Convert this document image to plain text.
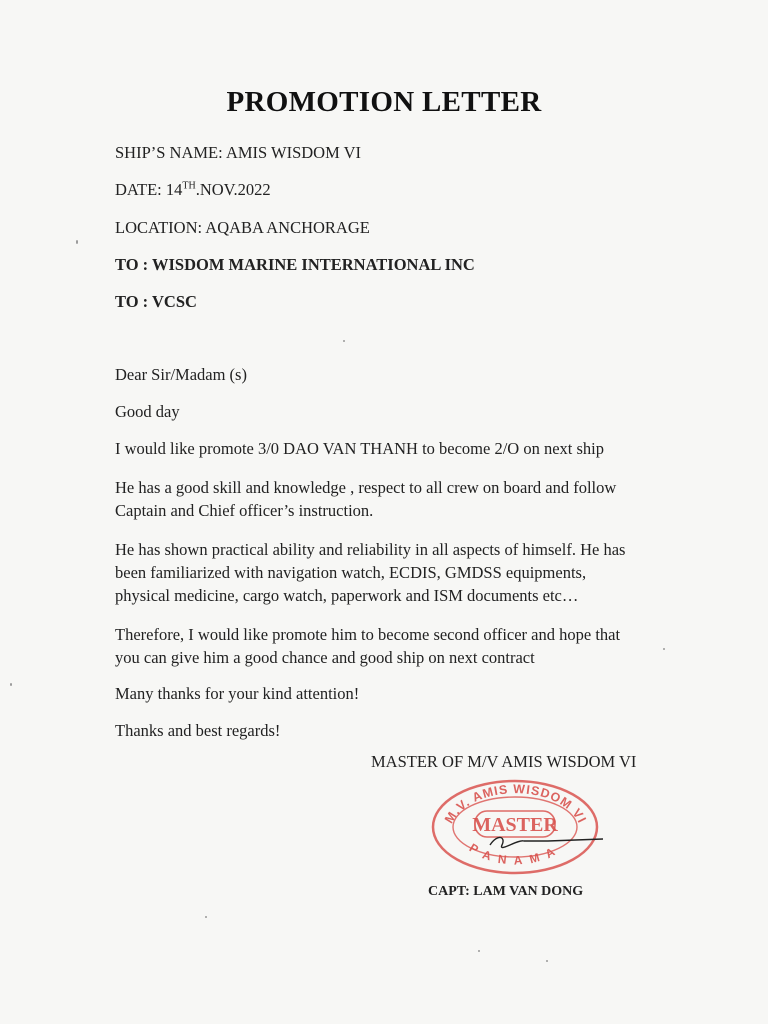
PROMOTION LETTER
SHIP’S NAME: AMIS WISDOM VI
DATE: 14TH.NOV.2022
LOCATION: AQABA ANCHORAGE
TO : WISDOM MARINE INTERNATIONAL INC
TO : VCSC
Dear Sir/Madam (s)
Good day
I would like promote 3/0 DAO VAN THANH to become 2/O on next ship
He has a good skill and knowledge , respect to all crew on board and follow Captain and Chief officer’s instruction.
He has shown practical ability and reliability in all aspects of himself. He has been familiarized with navigation watch, ECDIS, GMDSS equipments, physical medicine, cargo watch, paperwork and ISM documents etc…
Therefore, I would like promote him to become second officer and hope that you can give him a good chance and good ship on next contract
Many thanks for your kind attention!
Thanks and best regards!
MASTER OF M/V AMIS WISDOM VI
M.V. AMIS WISDOM VI
MASTER
PANAMA
CAPT: LAM VAN DONG
